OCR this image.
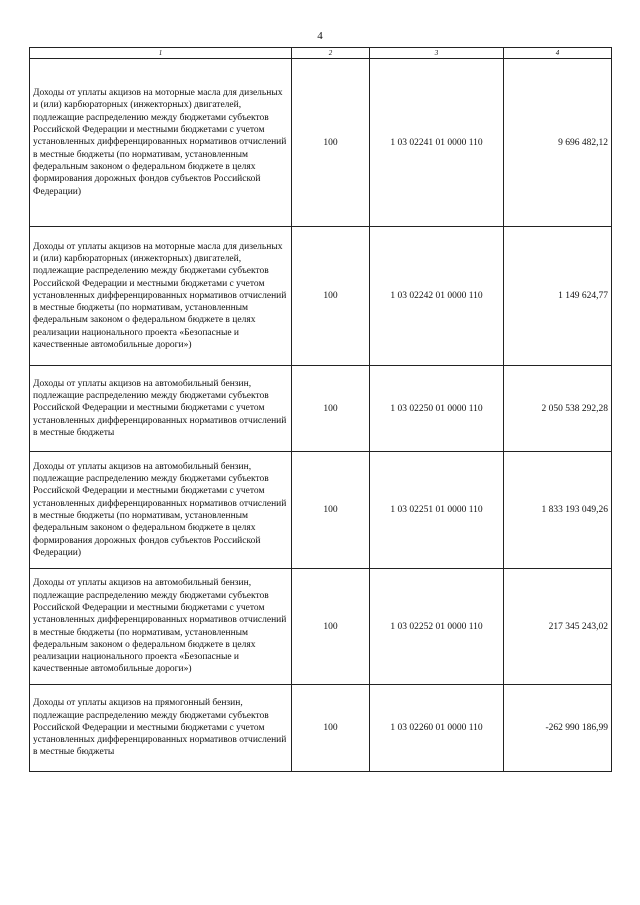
4
1	2	3	4
Доходы от уплаты акцизов на моторные масла для дизельных и (или) карбюраторных (инжекторных) двигателей, подлежащие распределению между бюджетами субъектов Российской Федерации и местными бюджетами с учетом установленных дифференцированных нормативов отчислений в местные бюджеты (по нормативам, установленным федеральным законом о федеральном бюджете в целях формирования дорожных фондов субъектов Российской Федерации)	100	1 03 02241 01 0000 110	9 696 482,12
Доходы от уплаты акцизов на моторные масла для дизельных и (или) карбюраторных (инжекторных) двигателей, подлежащие распределению между бюджетами субъектов Российской Федерации и местными бюджетами с учетом установленных дифференцированных нормативов отчислений в местные бюджеты (по нормативам, установленным федеральным законом о федеральном бюджете в целях реализации национального проекта «Безопасные и качественные автомобильные дороги»)	100	1 03 02242 01 0000 110	1 149 624,77
Доходы от уплаты акцизов на автомобильный бензин, подлежащие распределению между бюджетами субъектов Российской Федерации и местными бюджетами с учетом установленных дифференцированных нормативов отчислений в местные бюджеты	100	1 03 02250 01 0000 110	2 050 538 292,28
Доходы от уплаты акцизов на автомобильный бензин, подлежащие распределению между бюджетами субъектов Российской Федерации и местными бюджетами с учетом установленных дифференцированных нормативов отчислений в местные бюджеты (по нормативам, установленным федеральным законом о федеральном бюджете в целях формирования дорожных фондов субъектов Российской Федерации)	100	1 03 02251 01 0000 110	1 833 193 049,26
Доходы от уплаты акцизов на автомобильный бензин, подлежащие распределению между бюджетами субъектов Российской Федерации и местными бюджетами с учетом установленных дифференцированных нормативов отчислений в местные бюджеты (по нормативам, установленным федеральным законом о федеральном бюджете в целях реализации национального проекта «Безопасные и качественные автомобильные дороги»)	100	1 03 02252 01 0000 110	217 345 243,02
Доходы от уплаты акцизов на прямогонный бензин, подлежащие распределению между бюджетами субъектов Российской Федерации и местными бюджетами с учетом установленных дифференцированных нормативов отчислений в местные бюджеты	100	1 03 02260 01 0000 110	-262 990 186,99
